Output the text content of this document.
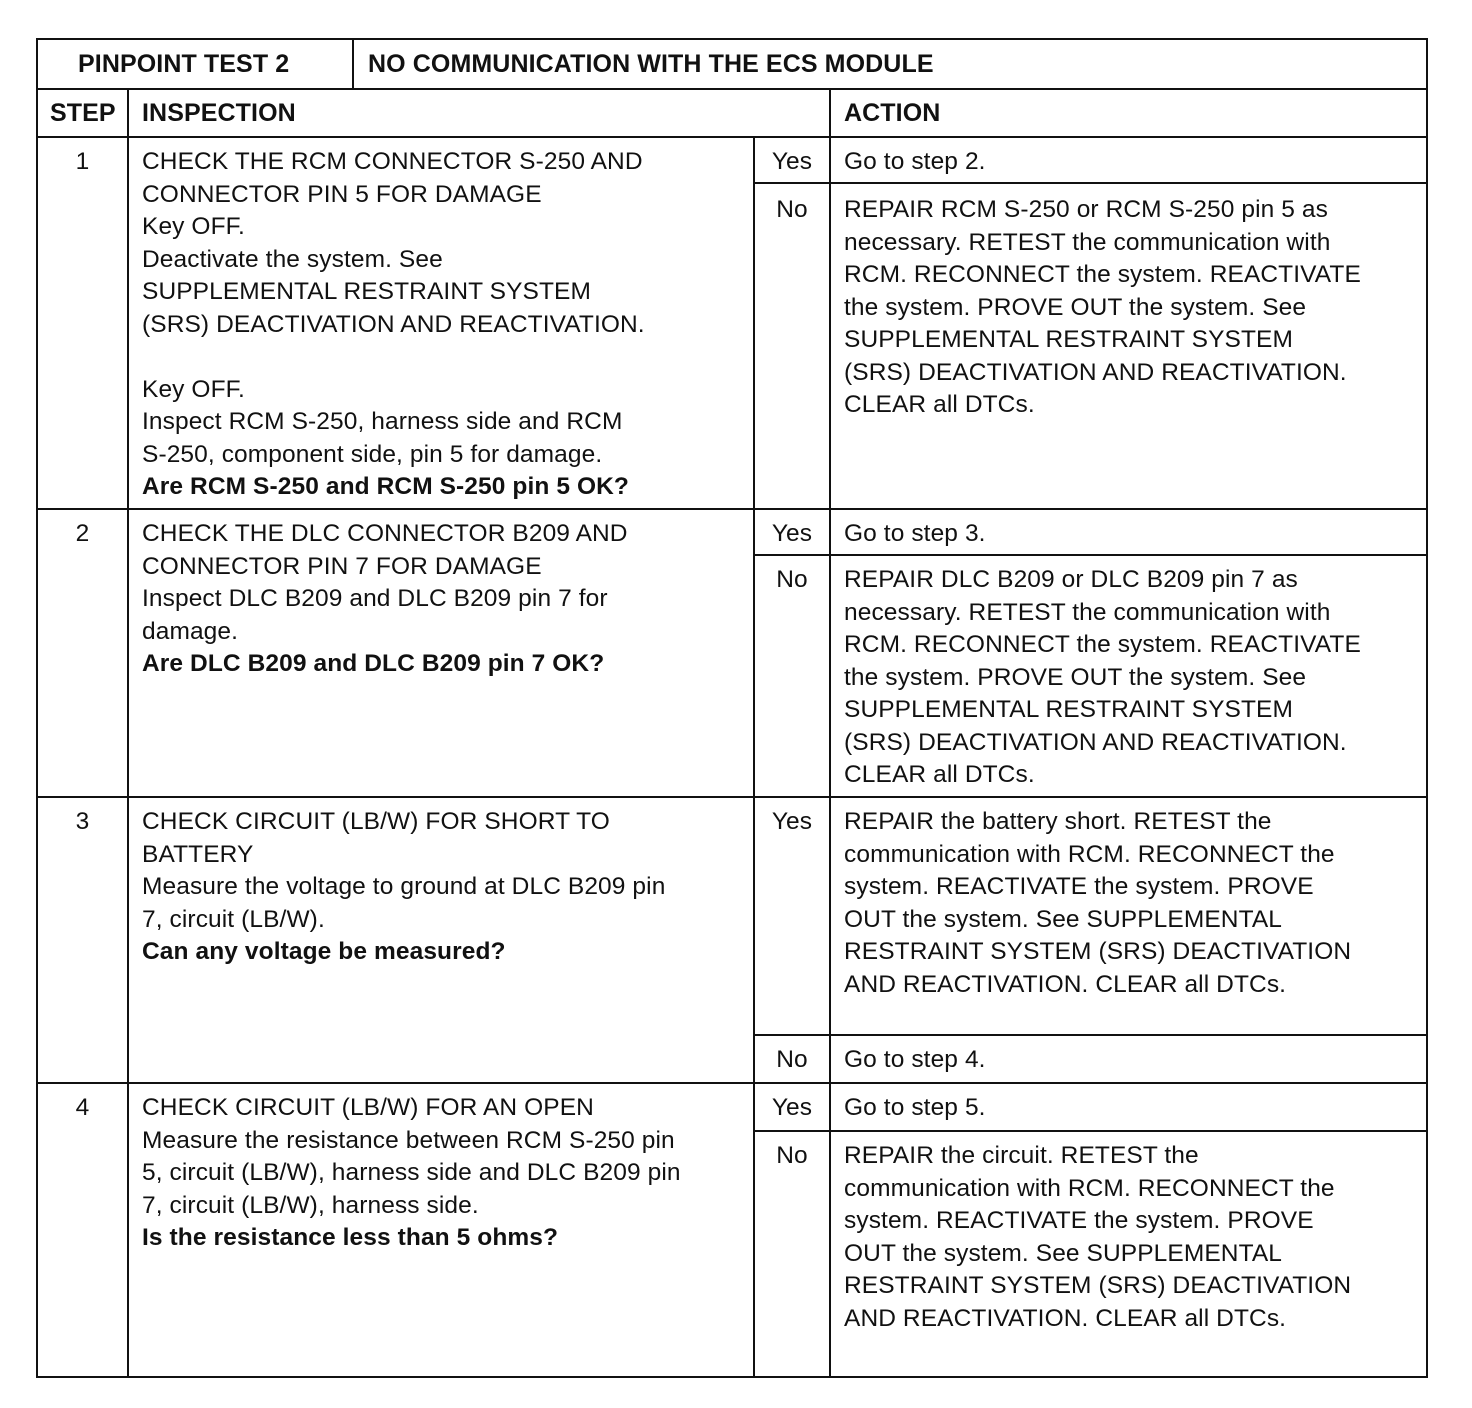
PINPOINT TEST 2	NO COMMUNICATION WITH THE ECS MODULE
STEP INSPECTION	ACTION
1	CHECK THE RCM CONNECTOR S-250 AND
CONNECTOR PIN 5 FOR DAMAGE
Key OFF.
Deactivate the system. See
SUPPLEMENTAL RESTRAINT SYSTEM
(SRS) DEACTIVATION AND REACTIVATION.

Key OFF.
Inspect RCM S-250, harness side and RCM
S-250, component side, pin 5 for damage.
Are RCM S-250 and RCM S-250 pin 5 OK?
Yes	Go to step 2.
No	REPAIR RCM S-250 or RCM S-250 pin 5 as
necessary. RETEST the communication with
RCM. RECONNECT the system. REACTIVATE
the system. PROVE OUT the system. See
SUPPLEMENTAL RESTRAINT SYSTEM
(SRS) DEACTIVATION AND REACTIVATION.
CLEAR all DTCs.
2	CHECK THE DLC CONNECTOR B209 AND
CONNECTOR PIN 7 FOR DAMAGE
Inspect DLC B209 and DLC B209 pin 7 for
damage.
Are DLC B209 and DLC B209 pin 7 OK?
Yes	Go to step 3.
No	REPAIR DLC B209 or DLC B209 pin 7 as
necessary. RETEST the communication with
RCM. RECONNECT the system. REACTIVATE
the system. PROVE OUT the system. See
SUPPLEMENTAL RESTRAINT SYSTEM
(SRS) DEACTIVATION AND REACTIVATION.
CLEAR all DTCs.
3	CHECK CIRCUIT (LB/W) FOR SHORT TO
BATTERY
Measure the voltage to ground at DLC B209 pin
7, circuit (LB/W).
Can any voltage be measured?
Yes	REPAIR the battery short. RETEST the
communication with RCM. RECONNECT the
system. REACTIVATE the system. PROVE
OUT the system. See SUPPLEMENTAL
RESTRAINT SYSTEM (SRS) DEACTIVATION
AND REACTIVATION. CLEAR all DTCs.
No	Go to step 4.
4	CHECK CIRCUIT (LB/W) FOR AN OPEN
Measure the resistance between RCM S-250 pin
5, circuit (LB/W), harness side and DLC B209 pin
7, circuit (LB/W), harness side.
Is the resistance less than 5 ohms?
Yes	Go to step 5.
No	REPAIR the circuit. RETEST the
communication with RCM. RECONNECT the
system. REACTIVATE the system. PROVE
OUT the system. See SUPPLEMENTAL
RESTRAINT SYSTEM (SRS) DEACTIVATION
AND REACTIVATION. CLEAR all DTCs.
